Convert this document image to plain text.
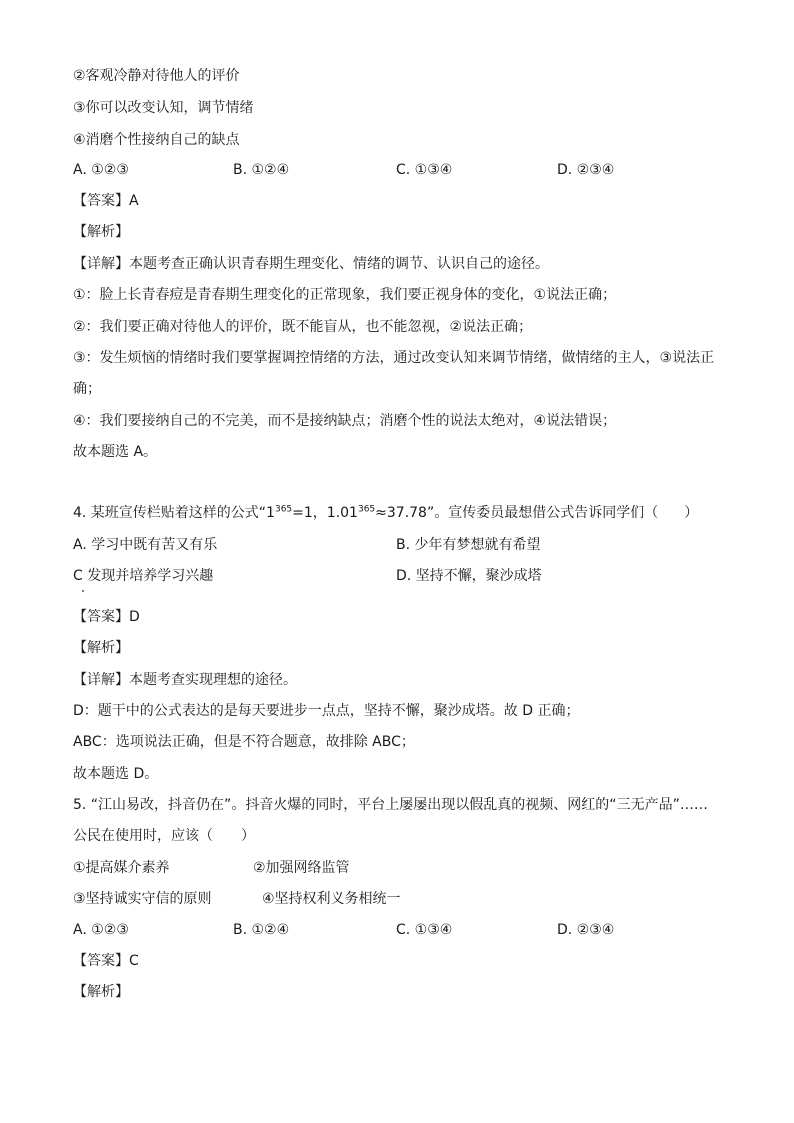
②客观冷静对待他人的评价
③你可以改变认知，调节情绪
④消磨个性接纳自己的缺点
A. ①②③	B. ①②④	C. ①③④	D. ②③④
【答案】A
【解析】
【详解】本题考查正确认识青春期生理变化、情绪的调节、认识自己的途径。
①：脸上长青春痘是青春期生理变化的正常现象，我们要正视身体的变化，①说法正确；
②：我们要正确对待他人的评价，既不能盲从，也不能忽视，②说法正确；
③：发生烦恼的情绪时我们要掌握调控情绪的方法，通过改变认知来调节情绪，做情绪的主人，③说法正
确；
④：我们要接纳自己的不完美，而不是接纳缺点；消磨个性的说法太绝对，④说法错误；
故本题选 A。
4. 某班宣传栏贴着这样的公式“$1^{365}=1$，$1.01^{365}\approx 37.78$”。宣传委员最想借公式告诉同学们（ ）
A. 学习中既有苦又有乐	B. 少年有梦想就有希望
C 发现并培养学习兴趣	D. 坚持不懈，聚沙成塔
【答案】D
【解析】
【详解】本题考查实现理想的途径。
D：题干中的公式表达的是每天要进步一点点，坚持不懈，聚沙成塔。故 D 正确；
ABC：选项说法正确，但是不符合题意，故排除 ABC；
故本题选 D。
5. “江山易改，抖音仍在”。抖音火爆的同时，平台上屡屡出现以假乱真的视频、网红的“三无产品”……
公民在使用时，应该（　　）
①提高媒介素养	②加强网络监管
③坚持诚实守信的原则	④坚持权利义务相统一
A. ①②③	B. ①②④	C. ①③④	D. ②③④
【答案】C
【解析】
